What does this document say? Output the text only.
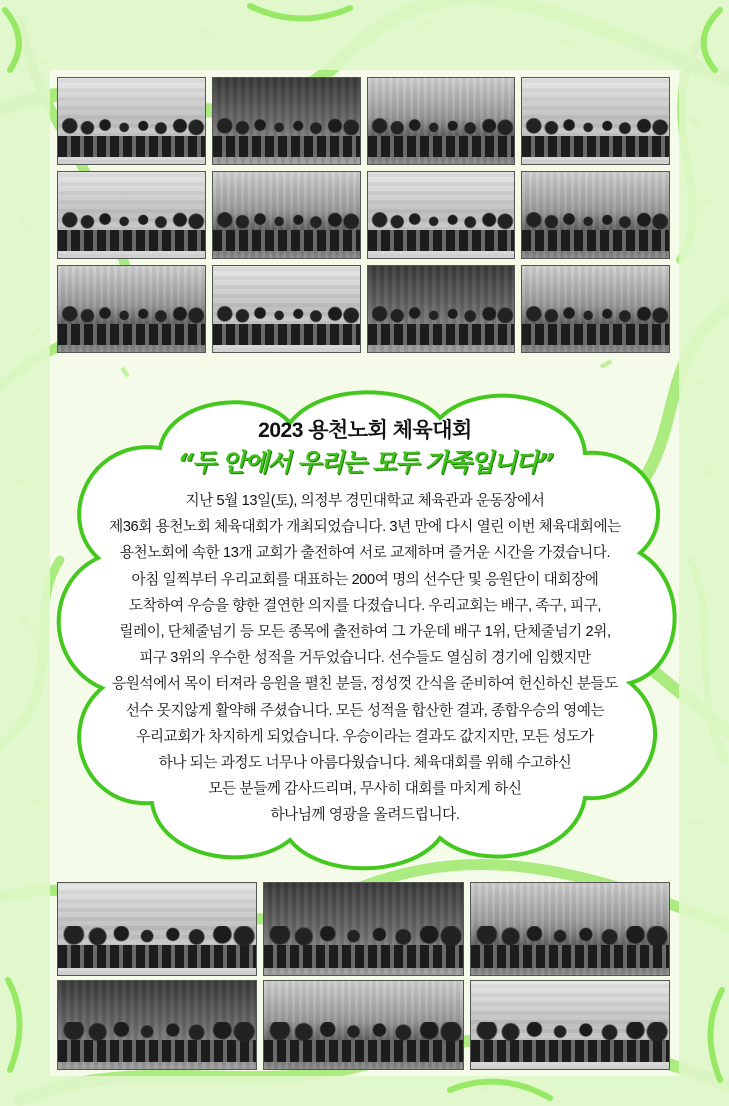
2023 용천노회 체육대회
“두 안에서 우리는 모두 가족입니다”
지난 5월 13일(토), 의정부 경민대학교 체육관과 운동장에서
제36회 용천노회 체육대회가 개최되었습니다. 3년 만에 다시 열린 이번 체육대회에는
용천노회에 속한 13개 교회가 출전하여 서로 교제하며 즐거운 시간을 가졌습니다.
아침 일찍부터 우리교회를 대표하는 200여 명의 선수단 및 응원단이 대회장에
도착하여 우승을 향한 결연한 의지를 다졌습니다. 우리교회는 배구, 족구, 피구,
릴레이, 단체줄넘기 등 모든 종목에 출전하여 그 가운데 배구 1위, 단체줄넘기 2위,
피구 3위의 우수한 성적을 거두었습니다. 선수들도 열심히 경기에 임했지만
응원석에서 목이 터져라 응원을 펼친 분들, 정성껏 간식을 준비하여 헌신하신 분들도
선수 못지않게 활약해 주셨습니다. 모든 성적을 합산한 결과, 종합우승의 영예는
우리교회가 차지하게 되었습니다. 우승이라는 결과도 값지지만, 모든 성도가
하나 되는 과정도 너무나 아름다웠습니다. 체육대회를 위해 수고하신
모든 분들께 감사드리며, 무사히 대회를 마치게 하신
하나님께 영광을 올려드립니다.
